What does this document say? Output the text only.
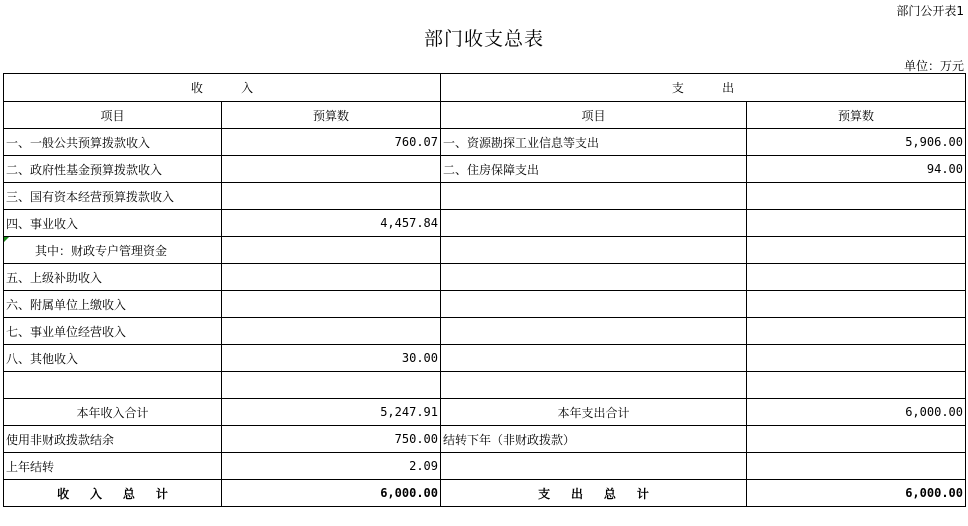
部门公开表1
部门收支总表
单位：万元
收          入		支          出	
项目	预算数	项目	预算数
一、一般公共预算拨款收入	760.07	一、资源勘探工业信息等支出	5,906.00
二、政府性基金预算拨款收入		二、住房保障支出	94.00
三、国有资本经营预算拨款收入			
四、事业收入	4,457.84		
其中：财政专户管理资金			
五、上级补助收入			
六、附属单位上缴收入			
七、事业单位经营收入			
八、其他收入	30.00		

本年收入合计	5,247.91	本年支出合计	6,000.00
使用非财政拨款结余	750.00	结转下年（非财政拨款）	
上年结转	2.09		
收     入     总     计	6,000.00	支     出     总     计	6,000.00
